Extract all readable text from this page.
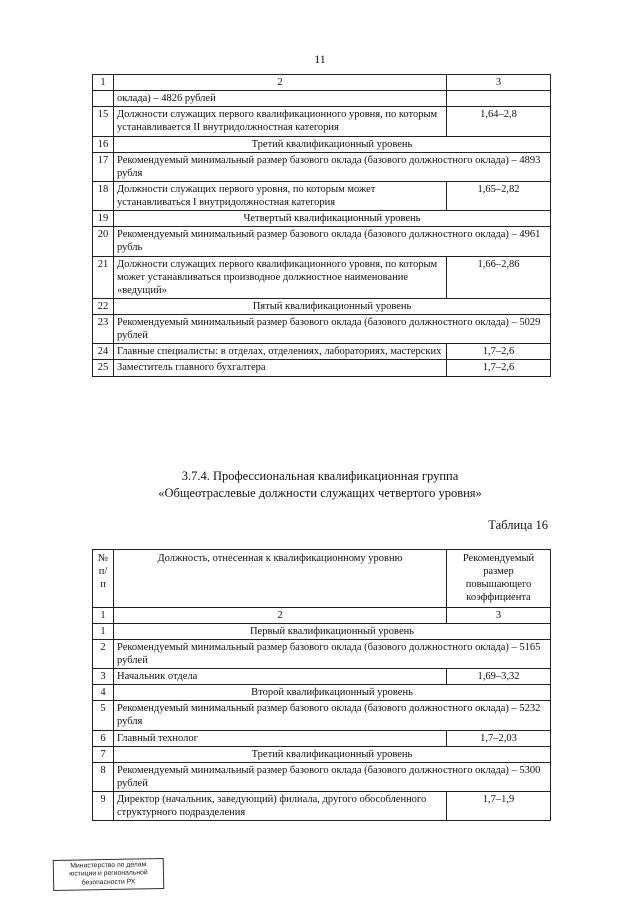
11
1	2	3
	оклада) – 4826 рублей	
15	Должности служащих первого квалификационного уровня, по которым устанавливается II внутридолжностная категория	1,64–2,8
16	Третий квалификационный уровень	
17	Рекомендуемый минимальный размер базового оклада (базового должностного оклада) – 4893 рубля	
18	Должности служащих первого уровня, по которым может устанавливаться I внутридолжностная категория	1,65–2,82
19	Четвертый квалификационный уровень	
20	Рекомендуемый минимальный размер базового оклада (базового должностного оклада) – 4961 рубль	
21	Должности служащих первого квалификационного уровня, по которым может устанавливаться производное должностное наименование «ведущий»	1,66–2,86
22	Пятый квалификационный уровень	
23	Рекомендуемый минимальный размер базового оклада (базового должностного оклада) – 5029 рублей	
24	Главные специалисты: в отделах, отделениях, лабораториях, мастерских	1,7–2,6
25	Заместитель главного бухгалтера	1,7–2,6
3.7.4. Профессиональная квалификационная группа
«Общеотраслевые должности служащих четвертого уровня»
Таблица 16
№ п/п	Должность, отнесенная к квалификационному уровню	Рекомендуемый размер повышающего коэффициента
1	2	3
1	Первый квалификационный уровень	
2	Рекомендуемый минимальный размер базового оклада (базового должностного оклада) – 5165 рублей	
3	Начальник отдела	1,69–3,32
4	Второй квалификационный уровень	
5	Рекомендуемый минимальный размер базового оклада (базового должностного оклада) – 5232 рубля	
6	Главный технолог	1,7–2,03
7	Третий квалификационный уровень	
8	Рекомендуемый минимальный размер базового оклада (базового должностного оклада) – 5300 рублей	
9	Директор (начальник, заведующий) филиала, другого обособленного структурного подразделения	1,7–1,9
Министерство по делам
юстиции и региональной
безопасности РХ
